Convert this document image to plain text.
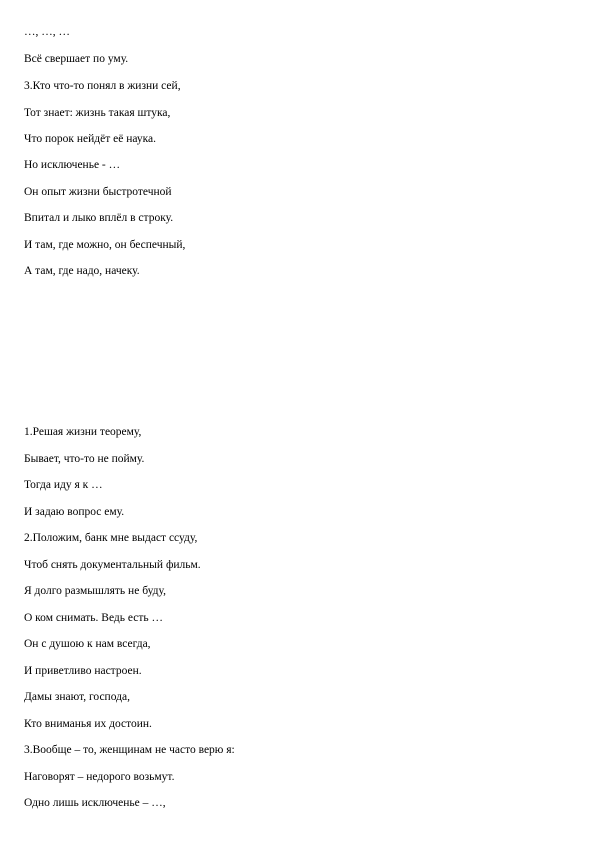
…, …, …

Всё свершает по уму.

3.Кто что-то понял в жизни сей,

Тот знает: жизнь такая штука,

Что порок нейдёт её наука.

Но исключенье - …

Он опыт жизни быстротечной

Впитал и лыко вплёл в строку.

И там, где можно, он беспечный,

А там, где надо, начеку.

1.Решая жизни теорему,

Бывает, что-то не пойму.

Тогда иду я к …

И задаю вопрос ему.

2.Положим, банк мне выдаст ссуду,

Чтоб снять документальный фильм.

Я долго размышлять не буду,

О ком снимать. Ведь есть …

Он с душою к нам всегда,

И приветливо настроен.

Дамы знают, господа,

Кто вниманья их достоин.

3.Вообще – то, женщинам не часто верю я:

Наговорят – недорого возьмут.

Одно лишь исключенье – …,
